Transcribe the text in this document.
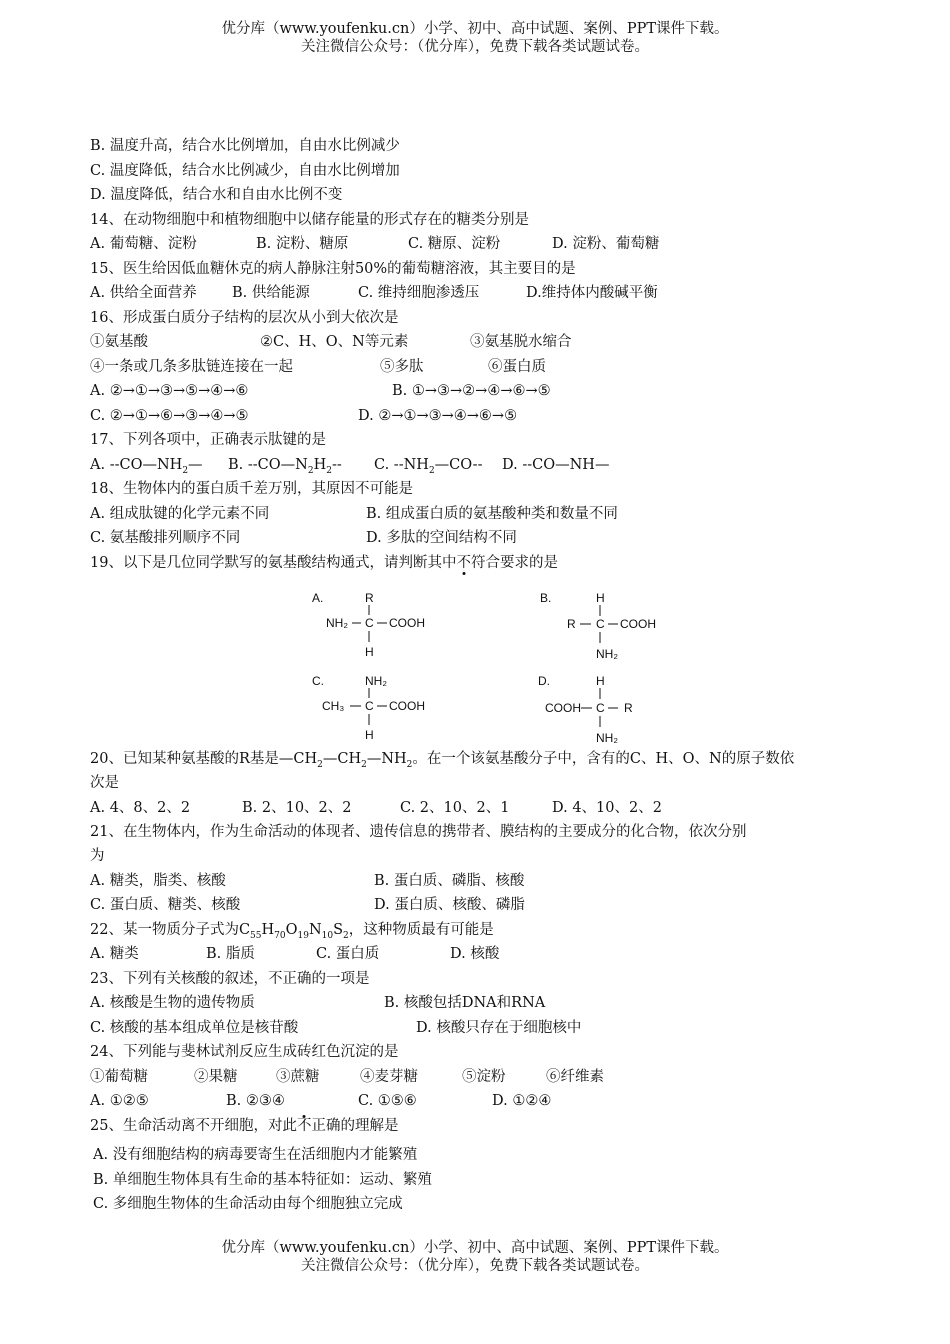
优分库（www.youfenku.cn）小学、初中、高中试题、案例、PPT课件下载。
关注微信公众号：（优分库），免费下载各类试题试卷。
B. 温度升高，结合水比例增加，自由水比例减少
C. 温度降低，结合水比例减少，自由水比例增加
D. 温度降低，结合水和自由水比例不变
14、在动物细胞中和植物细胞中以储存能量的形式存在的糖类分别是
A. 葡萄糖、淀粉	B. 淀粉、糖原	C. 糖原、淀粉	D. 淀粉、葡萄糖
15、医生给因低血糖休克的病人静脉注射50%的葡萄糖溶液，其主要目的是
A. 供给全面营养 B. 供给能源	C. 维持细胞渗透压	D.维持体内酸碱平衡
16、形成蛋白质分子结构的层次从小到大依次是
①氨基酸	②C、H、O、N等元素	③氨基脱水缩合
④一条或几条多肽链连接在一起	⑤多肽	⑥蛋白质
A. ②→①→③→⑤→④→⑥	B. ①→③→②→④→⑥→⑤
C. ②→①→⑥→③→④→⑤	D. ②→①→③→④→⑥→⑤
17、下列各项中，正确表示肽键的是
A. $--CO—NH_2—$ B. $--CO—N_2H_2--$ C. $--NH_2—CO--$ D. --CO—NH—
18、生物体内的蛋白质千差万别，其原因不可能是
A. 组成肽键的化学元素不同	B. 组成蛋白质的氨基酸种类和数量不同
C. 氨基酸排列顺序不同	D. 多肽的空间结构不同
19、以下是几位同学默写的氨基酸结构通式，请判断其中不符合要求的是
A.	R
NH₂ C COOH
H
B.	H
R C COOH
NH₂
C.	NH₂
CH₃ C COOH
H
D.	H
COOH C R
NH₂
20、已知某种氨基酸的R基是$—CH_2—CH_2—NH_2$。在一个该氨基酸分子中，含有的C、H、O、N的原子数依
次是
A. 4、8、2、2	B. 2、10、2、2	C. 2、10、2、1	D. 4、10、2、2
21、在生物体内，作为生命活动的体现者、遗传信息的携带者、膜结构的主要成分的化合物，依次分别
为
A. 糖类，脂类、核酸	B. 蛋白质、磷脂、核酸
C. 蛋白质、糖类、核酸	D. 蛋白质、核酸、磷脂
22、某一物质分子式为$C_{55}H_{70}O_{19}N_{10}S_2$，这种物质最有可能是
A. 糖类	B. 脂质	C. 蛋白质	D. 核酸
23、下列有关核酸的叙述，不正确的一项是
A. 核酸是生物的遗传物质	B. 核酸包括DNA和RNA
C. 核酸的基本组成单位是核苷酸	D. 核酸只存在于细胞核中
24、下列能与斐林试剂反应生成砖红色沉淀的是
①葡萄糖	②果糖	③蔗糖	④麦芽糖	⑤淀粉	⑥纤维素
A. ①②⑤	B. ②③④	C. ①⑤⑥	D. ①②④
25、生命活动离不开细胞，对此不正确的理解是
A. 没有细胞结构的病毒要寄生在活细胞内才能繁殖
B. 单细胞生物体具有生命的基本特征如：运动、繁殖
C. 多细胞生物体的生命活动由每个细胞独立完成
优分库（www.youfenku.cn）小学、初中、高中试题、案例、PPT课件下载。
关注微信公众号：（优分库），免费下载各类试题试卷。
